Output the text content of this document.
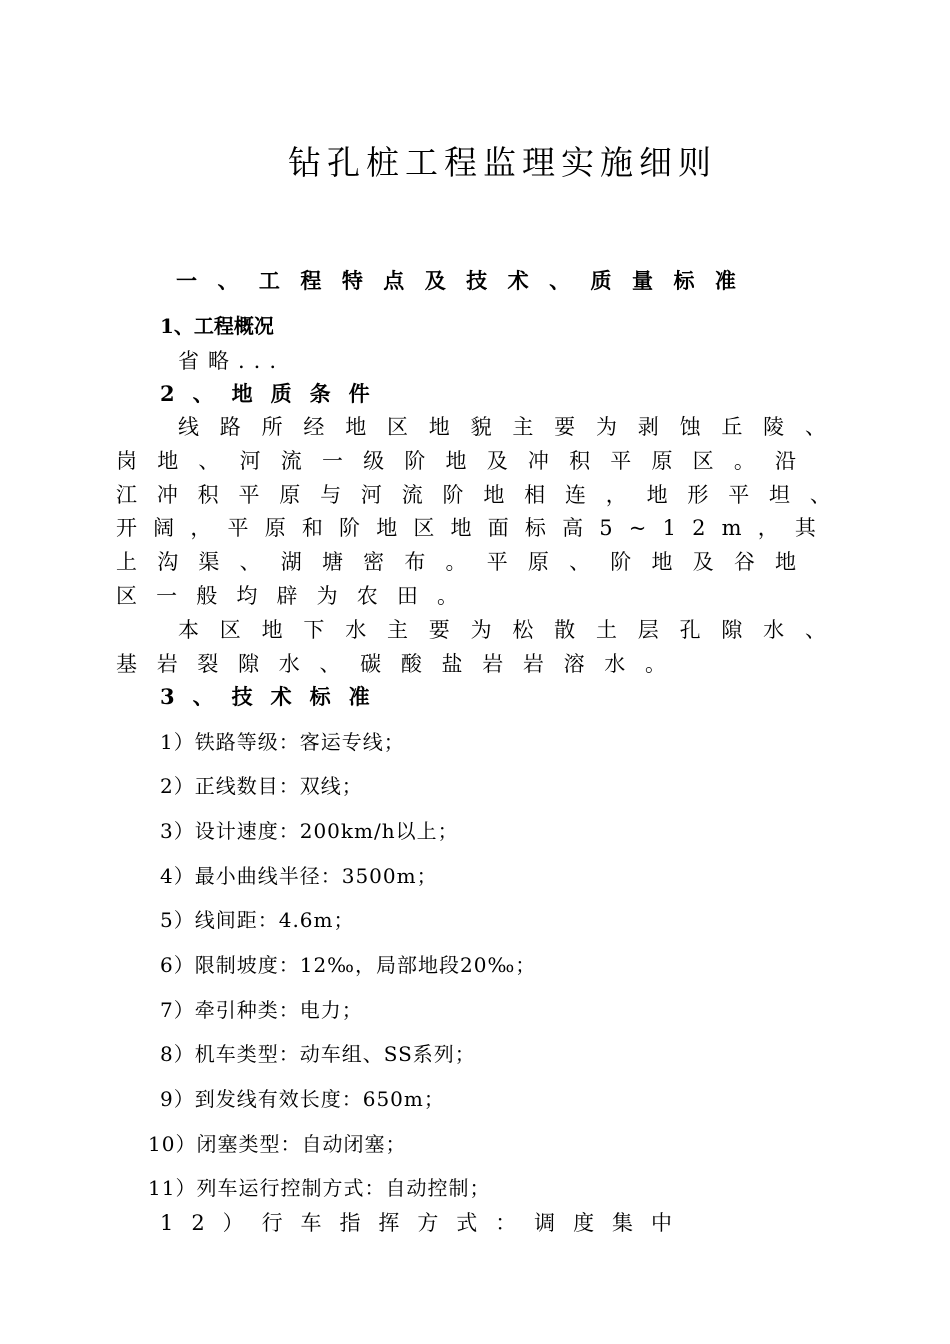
钻孔桩工程监理实施细则
一 、 工 程 特 点 及 技 术 、 质 量 标 准
1、工程概况
省略...
2、地质条件
线 路 所 经 地 区 地 貌 主 要 为 剥 蚀 丘 陵 、
岗 地 、 河 流 一 级 阶 地 及 冲 积 平 原 区 。 沿
江 冲 积 平 原 与 河 流 阶 地 相 连 ， 地 形 平 坦 、
开 阔 ， 平 原 和 阶 地 区 地 面 标 高 5 ~ 1 2 m ， 其
上 沟 渠 、 湖 塘 密 布 。 平 原 、 阶 地 及 谷 地
区 一 般 均 辟 为 农 田 。
本 区 地 下 水 主 要 为 松 散 土 层 孔 隙 水 、
基 岩 裂 隙 水 、 碳 酸 盐 岩 岩 溶 水 。
3、技术标准
1）铁路等级：客运专线；
2）正线数目：双线；
3）设计速度：200km/h以上；
4）最小曲线半径：3500m；
5）线间距：4.6m；
6）限制坡度：12‰，局部地段20‰；
7）牵引种类：电力；
8）机车类型：动车组、SS系列；
9）到发线有效长度：650m；
10）闭塞类型：自动闭塞；
11）列车运行控制方式：自动控制；
1 2 ） 行 车 指 挥 方 式 ： 调 度 集 中
